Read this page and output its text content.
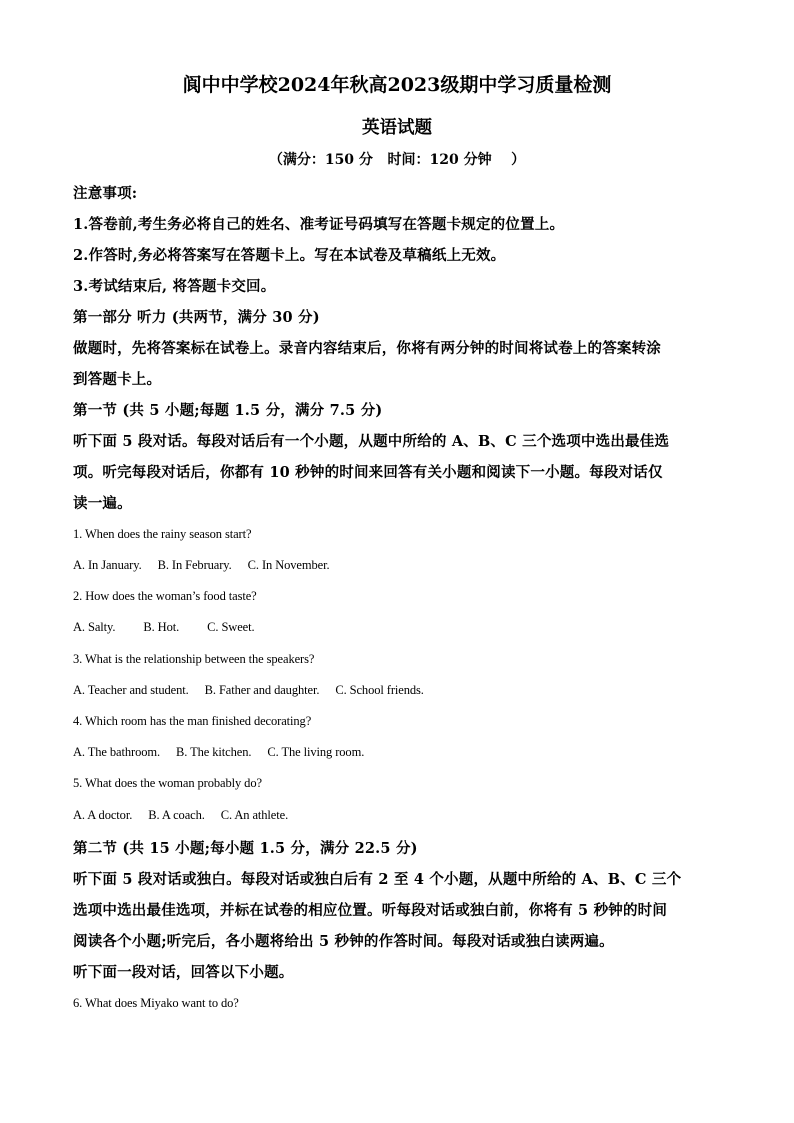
阆中中学校2024年秋高2023级期中学习质量检测
英语试题
（满分：150 分   时间：120 分钟    ）
注意事项:
1.答卷前,考生务必将自己的姓名、准考证号码填写在答题卡规定的位置上。
2.作答时,务必将答案写在答题卡上。写在本试卷及草稿纸上无效。
3.考试结束后, 将答题卡交回。
第一部分 听力 (共两节，满分 30 分)
做题时，先将答案标在试卷上。录音内容结束后，你将有两分钟的时间将试卷上的答案转涂
到答题卡上。
第一节 (共 5 小题;每题 1.5 分，满分 7.5 分)
听下面 5 段对话。每段对话后有一个小题，从题中所给的 A、B、C 三个选项中选出最佳选
项。听完每段对话后，你都有 10 秒钟的时间来回答有关小题和阅读下一小题。每段对话仅
读一遍。
1. When does the rainy season start?
A. In January. B. In February. C. In November.
2. How does the woman’s food taste?
A. Salty. B. Hot. C. Sweet.
3. What is the relationship between the speakers?
A. Teacher and student. B. Father and daughter. C. School friends.
4. Which room has the man finished decorating?
A. The bathroom. B. The kitchen. C. The living room.
5. What does the woman probably do?
A. A doctor. B. A coach. C. An athlete.
第二节 (共 15 小题;每小题 1.5 分，满分 22.5 分)
听下面 5 段对话或独白。每段对话或独白后有 2 至 4 个小题，从题中所给的 A、B、C 三个
选项中选出最佳选项，并标在试卷的相应位置。听每段对话或独白前，你将有 5 秒钟的时间
阅读各个小题;听完后，各小题将给出 5 秒钟的作答时间。每段对话或独白读两遍。
听下面一段对话，回答以下小题。
6. What does Miyako want to do?
